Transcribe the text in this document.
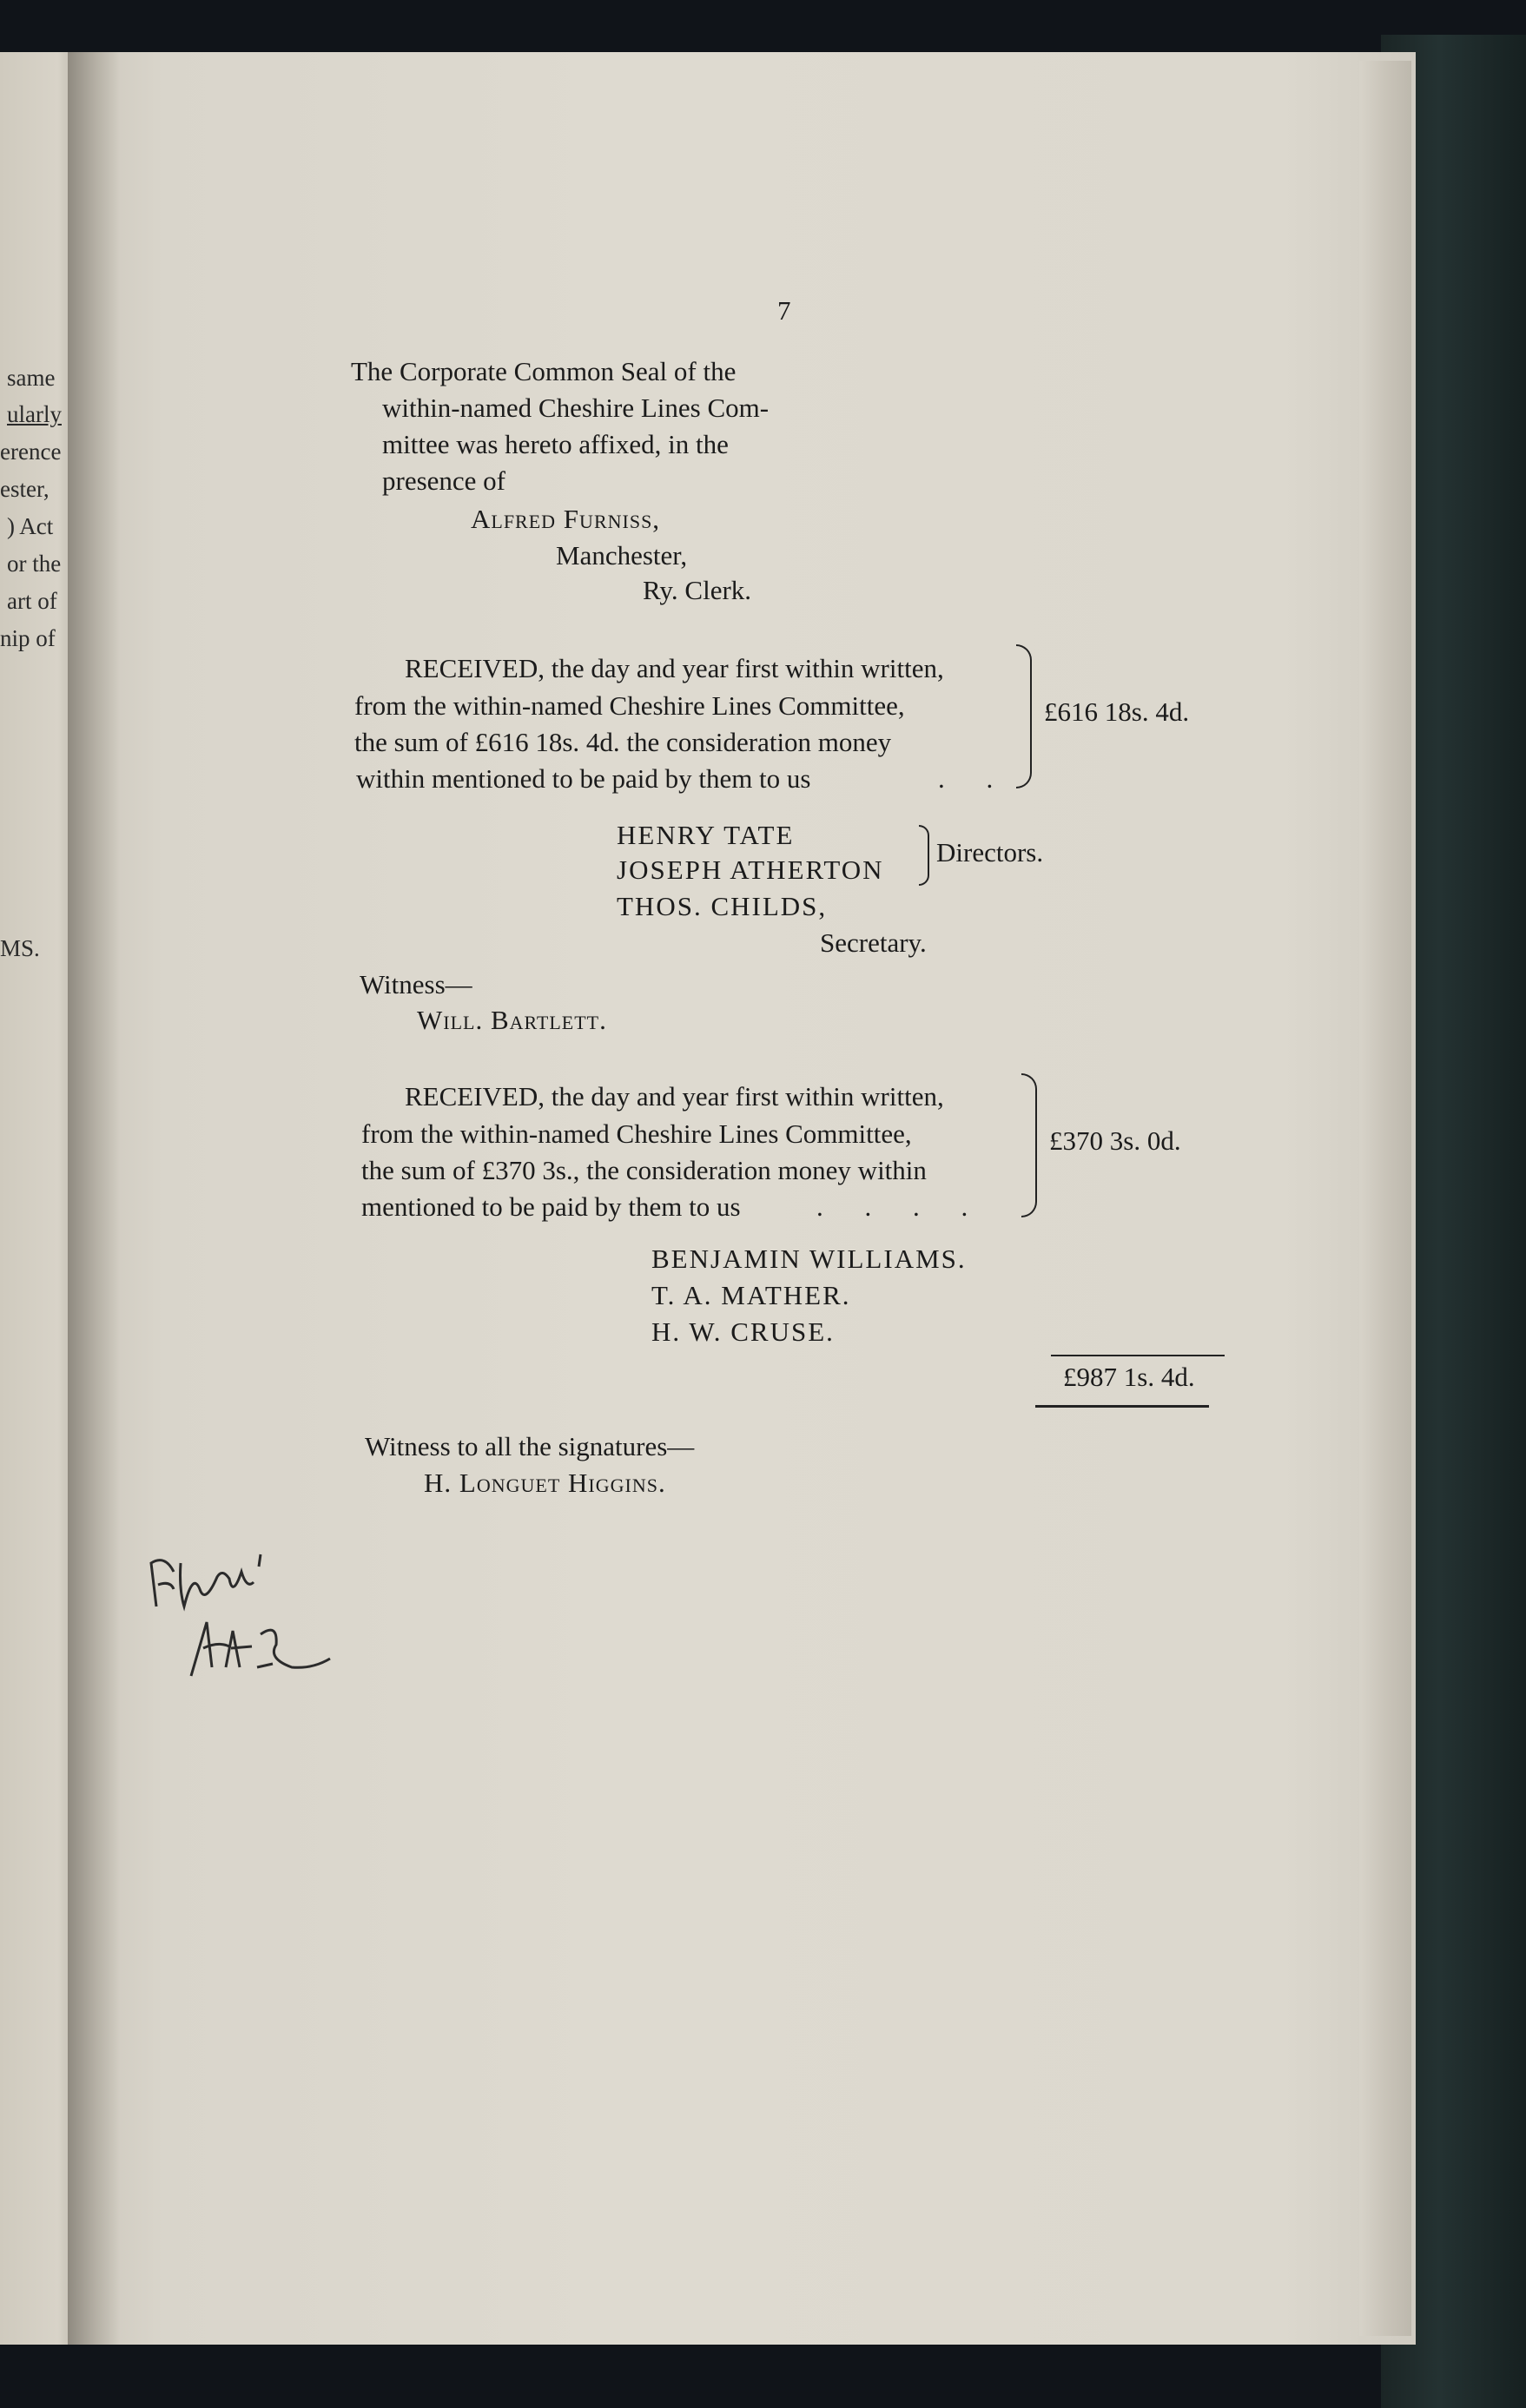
same
ularly
erence
ester,
) Act
or the
art of
nip of
MS.
7
The Corporate Common Seal of the
within-named Cheshire Lines Com-
mittee was hereto affixed, in the
presence of
Alfred Furniss,
Manchester,
Ry. Clerk.
RECEIVED, the day and year first within written,
from the within-named Cheshire Lines Committee,
the sum of £616 18s. 4d. the consideration money
within mentioned to be paid by them to us	. .
£616 18s. 4d.
HENRY TATE
JOSEPH ATHERTON
Directors.
THOS. CHILDS,
Secretary.
Witness—
Will. Bartlett.
RECEIVED, the day and year first within written,
from the within-named Cheshire Lines Committee,
the sum of £370 3s., the consideration money within
mentioned to be paid by them to us	. . . .
£370 3s. 0d.
BENJAMIN WILLIAMS.
T. A. MATHER.
H. W. CRUSE.
£987 1s. 4d.
Witness to all the signatures—
H. Longuet Higgins.
